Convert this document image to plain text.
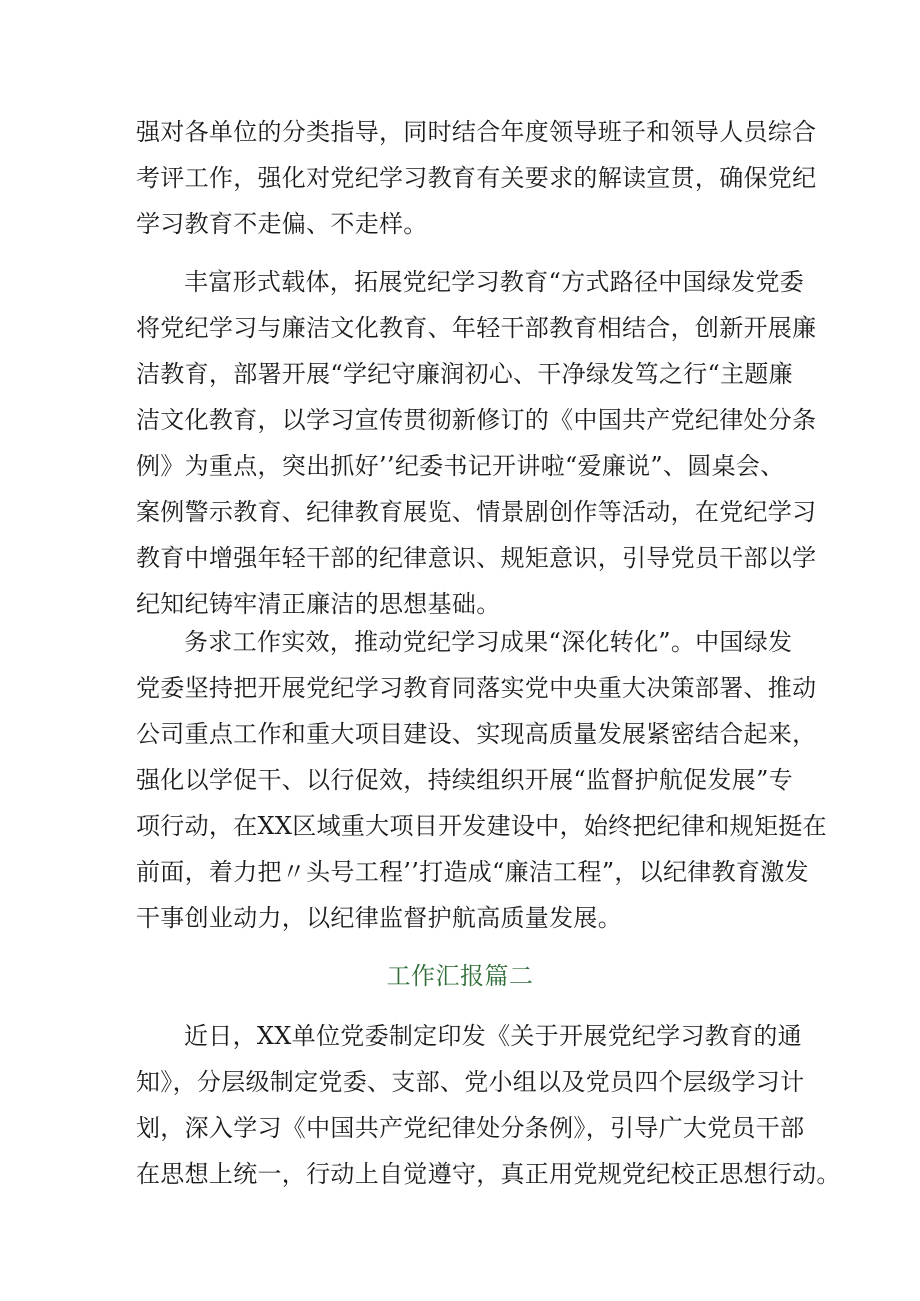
强对各单位的分类指导，同时结合年度领导班子和领导人员综合
考评工作，强化对党纪学习教育有关要求的解读宣贯，确保党纪
学习教育不走偏、不走样。
丰富形式载体，拓展党纪学习教育“方式路径中国绿发党委
将党纪学习与廉洁文化教育、年轻干部教育相结合，创新开展廉
洁教育，部署开展“学纪守廉润初心、干净绿发笃之行“主题廉
洁文化教育，以学习宣传贯彻新修订的《中国共产党纪律处分条
例》为重点，突出抓好’’纪委书记开讲啦“爱廉说”、圆桌会、
案例警示教育、纪律教育展览、情景剧创作等活动，在党纪学习
教育中增强年轻干部的纪律意识、规矩意识，引导党员干部以学
纪知纪铸牢清正廉洁的思想基础。
务求工作实效，推动党纪学习成果“深化转化”。中国绿发
党委坚持把开展党纪学习教育同落实党中央重大决策部署、推动
公司重点工作和重大项目建设、实现高质量发展紧密结合起来，
强化以学促干、以行促效，持续组织开展“监督护航促发展”专
项行动，在XX区域重大项目开发建设中，始终把纪律和规矩挺在
前面，着力把〃头号工程’’打造成“廉洁工程”，以纪律教育激发
干事创业动力，以纪律监督护航高质量发展。
工作汇报篇二
近日，XX单位党委制定印发《关于开展党纪学习教育的通
知》，分层级制定党委、支部、党小组以及党员四个层级学习计
划，深入学习《中国共产党纪律处分条例》，引导广大党员干部
在思想上统一，行动上自觉遵守，真正用党规党纪校正思想行动。
